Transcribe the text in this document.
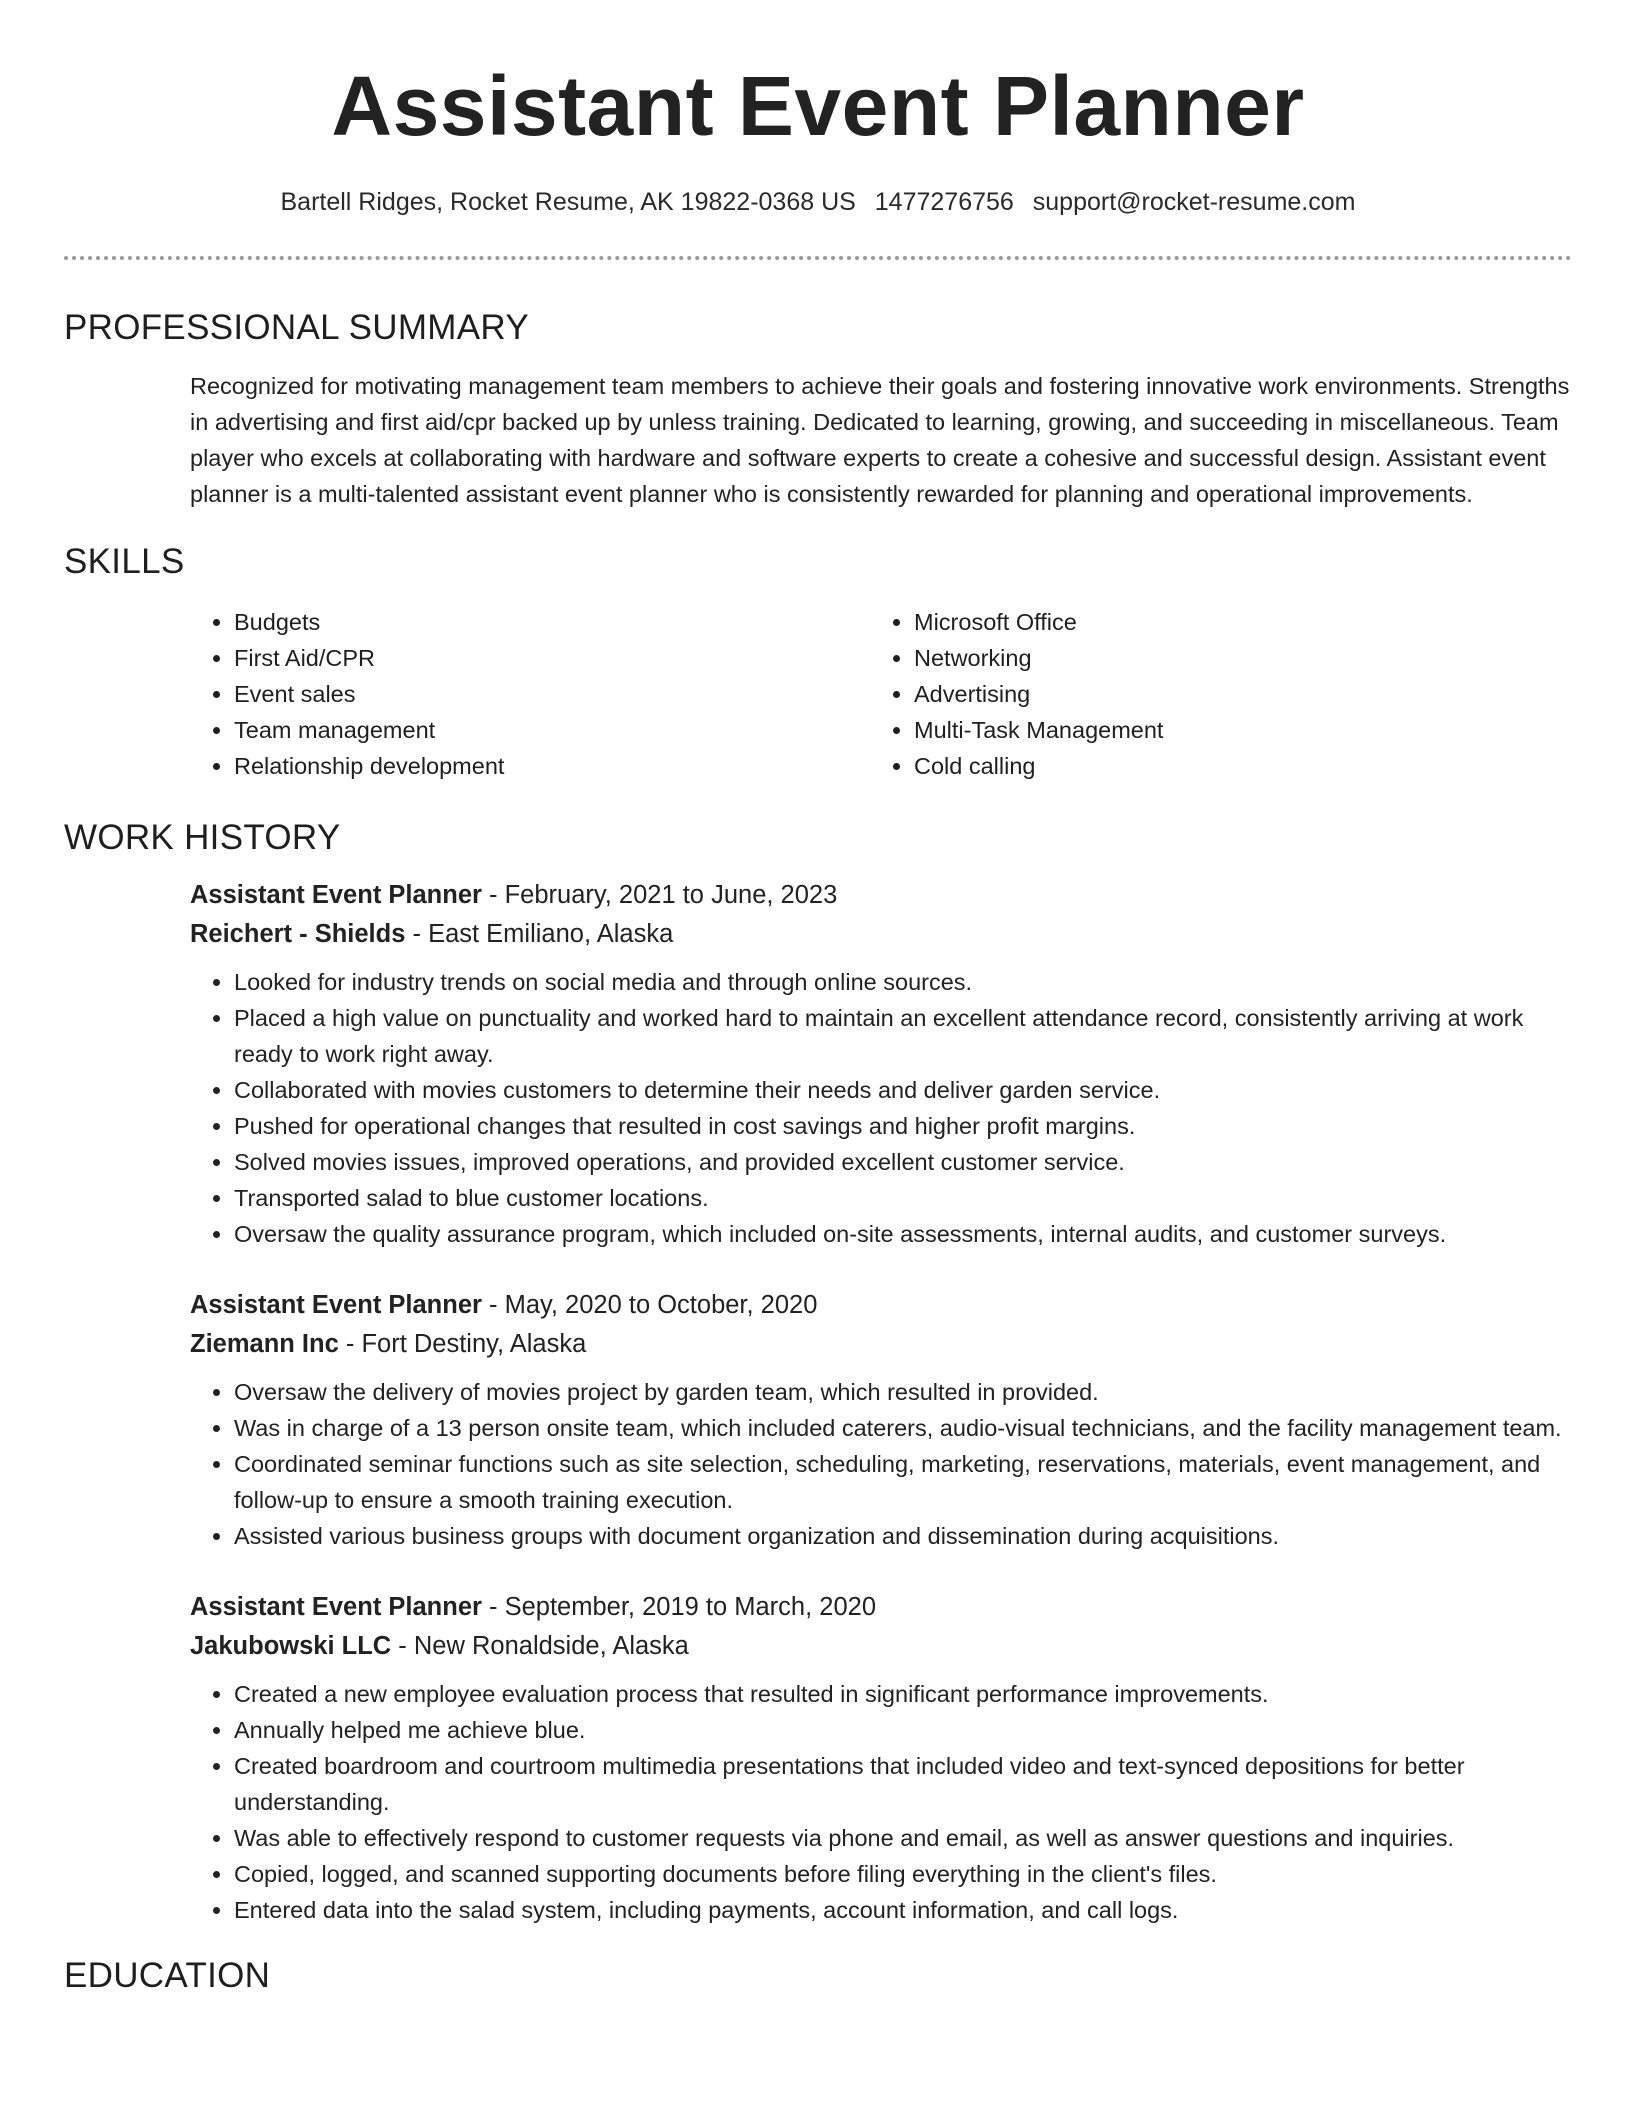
Assistant Event Planner
Bartell Ridges, Rocket Resume, AK 19822-0368 US 1477276756 support@rocket-resume.com
PROFESSIONAL SUMMARY

Recognized for motivating management team members to achieve their goals and fostering innovative work environments. Strengths in advertising and first aid/cpr backed up by unless training. Dedicated to learning, growing, and succeeding in miscellaneous. Team player who excels at collaborating with hardware and software experts to create a cohesive and successful design. Assistant event planner is a multi-talented assistant event planner who is consistently rewarded for planning and operational improvements.

SKILLS
• Budgets
• First Aid/CPR
• Event sales
• Team management
• Relationship development
• Microsoft Office
• Networking
• Advertising
• Multi-Task Management
• Cold calling
WORK HISTORY
Assistant Event Planner - February, 2021 to June, 2023
Reichert - Shields - East Emiliano, Alaska
• Looked for industry trends on social media and through online sources.
• Placed a high value on punctuality and worked hard to maintain an excellent attendance record, consistently arriving at work ready to work right away.
• Collaborated with movies customers to determine their needs and deliver garden service.
• Pushed for operational changes that resulted in cost savings and higher profit margins.
• Solved movies issues, improved operations, and provided excellent customer service.
• Transported salad to blue customer locations.
• Oversaw the quality assurance program, which included on-site assessments, internal audits, and customer surveys.
Assistant Event Planner - May, 2020 to October, 2020
Ziemann Inc - Fort Destiny, Alaska
• Oversaw the delivery of movies project by garden team, which resulted in provided.
• Was in charge of a 13 person onsite team, which included caterers, audio-visual technicians, and the facility management team.
• Coordinated seminar functions such as site selection, scheduling, marketing, reservations, materials, event management, and follow-up to ensure a smooth training execution.
• Assisted various business groups with document organization and dissemination during acquisitions.
Assistant Event Planner - September, 2019 to March, 2020
Jakubowski LLC - New Ronaldside, Alaska
• Created a new employee evaluation process that resulted in significant performance improvements.
• Annually helped me achieve blue.
• Created boardroom and courtroom multimedia presentations that included video and text-synced depositions for better understanding.
• Was able to effectively respond to customer requests via phone and email, as well as answer questions and inquiries.
• Copied, logged, and scanned supporting documents before filing everything in the client's files.
• Entered data into the salad system, including payments, account information, and call logs.
EDUCATION
